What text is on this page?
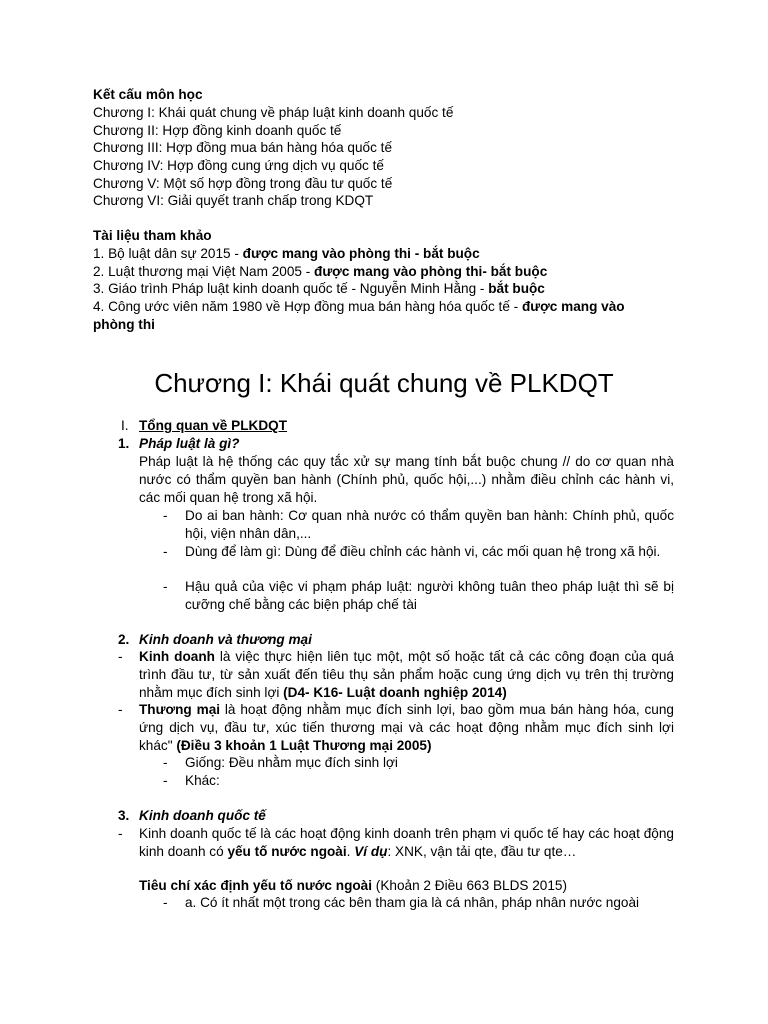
Kết cấu môn học
Chương I: Khái quát chung về pháp luật kinh doanh quốc tế
Chương II: Hợp đồng kinh doanh quốc tế
Chương III: Hợp đồng mua bán hàng hóa quốc tế
Chương IV: Hợp đồng cung ứng dịch vụ quốc tế
Chương V: Một số hợp đồng trong đầu tư quốc tế
Chương VI: Giải quyết tranh chấp trong KDQT
Tài liệu tham khảo
1. Bộ luật dân sự 2015 - được mang vào phòng thi - bắt buộc
2. Luật thương mại Việt Nam 2005 - được mang vào phòng thi- bắt buộc
3. Giáo trình Pháp luật kinh doanh quốc tế - Nguyễn Minh Hằng - bắt buộc
4. Công ước viên năm 1980 về Hợp đồng mua bán hàng hóa quốc tế - được mang vào
phòng thi
Chương I: Khái quát chung về PLKDQT
I. Tổng quan về PLKDQT
1. Pháp luật là gì?
Pháp luật là hệ thống các quy tắc xử sự mang tính bắt buộc chung // do cơ quan nhà nước có thẩm quyền ban hành (Chính phủ, quốc hội,...) nhằm điều chỉnh các hành vi, các mối quan hệ trong xã hội.
- Do ai ban hành: Cơ quan nhà nước có thẩm quyền ban hành: Chính phủ, quốc hội, viện nhân dân,...
- Dùng để làm gì: Dùng để điều chỉnh các hành vi, các mối quan hệ trong xã hội.
- Hậu quả của việc vi phạm pháp luật: người không tuân theo pháp luật thì sẽ bị cưỡng chế bằng các biện pháp chế tài
2. Kinh doanh và thương mại
- Kinh doanh là việc thực hiện liên tục một, một số hoặc tất cả các công đoạn của quá trình đầu tư, từ sản xuất đến tiêu thụ sản phẩm hoặc cung ứng dịch vụ trên thị trường nhằm mục đích sinh lợi (D4- K16- Luật doanh nghiệp 2014)
- Thương mại là hoạt động nhằm mục đích sinh lợi, bao gồm mua bán hàng hóa, cung ứng dịch vụ, đầu tư, xúc tiến thương mại và các hoạt động nhằm mục đích sinh lợi khác" (Điều 3 khoản 1 Luật Thương mại 2005)
- Giống: Đều nhằm mục đích sinh lợi
- Khác:
3. Kinh doanh quốc tế
- Kinh doanh quốc tế là các hoạt động kinh doanh trên phạm vi quốc tế hay các hoạt động kinh doanh có yếu tố nước ngoài. Ví dụ: XNK, vận tải qte, đầu tư qte…
Tiêu chí xác định yếu tố nước ngoài (Khoản 2 Điều 663 BLDS 2015)
- a. Có ít nhất một trong các bên tham gia là cá nhân, pháp nhân nước ngoài
